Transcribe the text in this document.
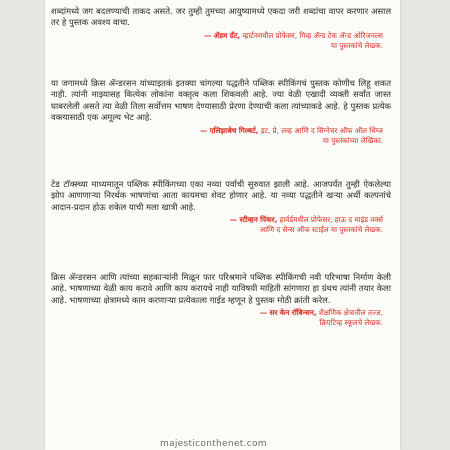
शब्दांमध्ये जग बदलण्याची ताकद असते. जर तुम्ही तुमच्या आयुष्यामध्ये एकदा जरी शब्दांचा वापर करणार असाल तर हे पुस्तक अवश्य वाचा.

— ॲडम ग्रँट, व्हार्टनमधील प्रोफेसर, गिव्ह ॲन्ड टेक ॲन्ड ओरिजनल्स
या पुस्तकांचे लेखक.

या जगामध्ये क्रिस ॲन्डरसन यांच्याइतकं इतक्या चांगल्या पद्धतीने पब्लिक स्पीकिंगचं पुस्तक कोणीच लिहू शकत नाही. त्यांनी माझ्यासह कित्येक लोकांना वक्तृत्व कला शिकवली आहे. ज्या वेळी एखादी व्यक्ती सर्वांत जास्त घाबरलेली असते त्या वेळी तिला सर्वोत्तम भाषण देण्यासाठी प्रेरणा देण्याची कला त्यांच्याकडे आहे. हे पुस्तक प्रत्येक वक्त्यासाठी एक अमूल्य भेट आहे.

— एलिझाबेथ गिल्बर्ट, इट, प्रे, लव्ह आणि द सिग्नेचर ऑफ ऑल थिंग्ज
या पुस्तकांच्या लेखिका.

टेड टॉक्स्च्या माध्यमातून पब्लिक स्पीकिंगच्या एका नव्या पर्वाची सुरुवात झाली आहे. आजपर्यंत तुम्ही ऐकलेल्या झोप आणणाऱ्या निरर्थक भाषणांचा आता कायमचा शेवट होणार आहे. या नव्या पद्धतीने खऱ्या अर्थी कल्पनांचे आदान-प्रदान होऊ शकेल याची मला खात्री आहे.

— स्टीव्हन पिंकर, हार्वर्डमधील प्रोफेसर, हाऊ द माइंड वर्क्स
आणि द सेन्स ऑफ स्टाईल या पुस्तकांचे लेखक.

क्रिस ॲन्डरसन आणि त्यांच्या सहकाऱ्यांनी मिळून फार परिश्रमाने पब्लिक स्पीकिंगची नवी परिभाषा निर्माण केली आहे. भाषणाच्या वेळी काय करावे आणि काय करायचे नाही याविषयी माहिती सांगणारा हा ग्रंथच त्यांनी तयार केला आहे. भाषणाच्या क्षेत्रामध्ये काम करणाऱ्या प्रत्येकाला गाईड म्हणून हे पुस्तक मोठी क्रांती करेल.

— सर केन रॉबिन्सन, शैक्षणिक क्षेत्रातील तज्ज्ञ,
क्रिएटिव्ह स्कूलचे लेखक.
majesticonthenet.com
